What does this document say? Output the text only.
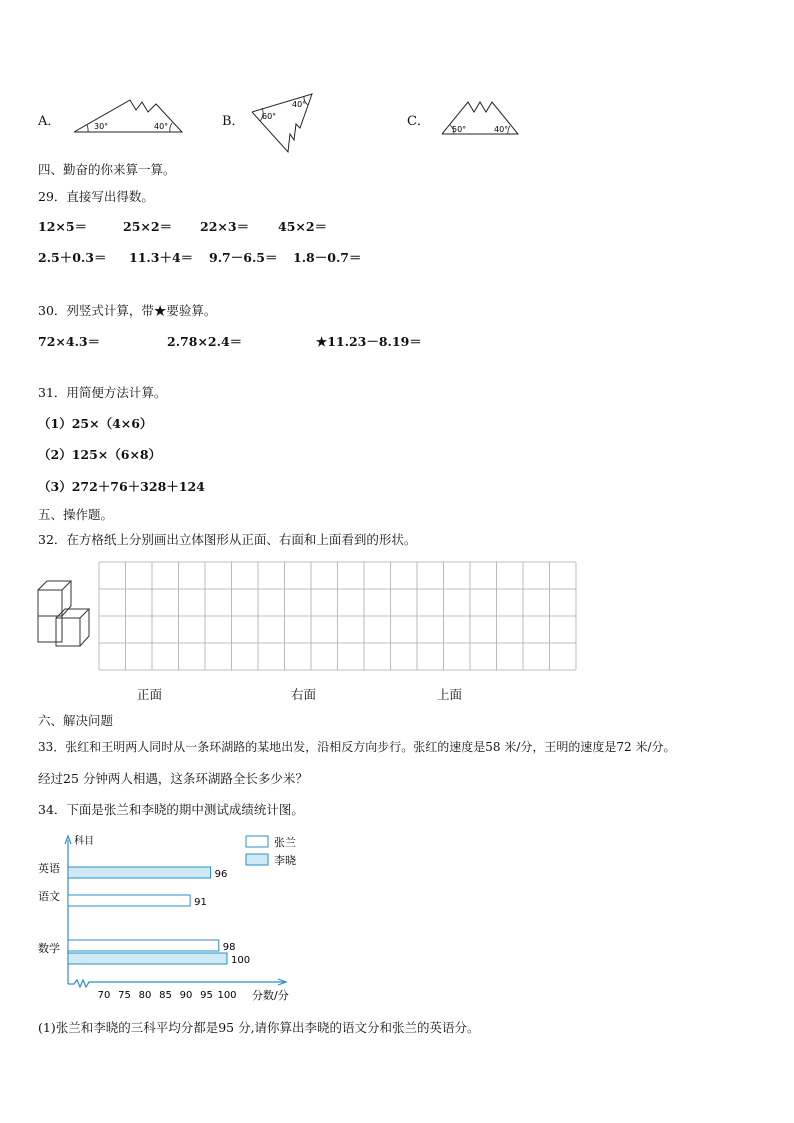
A．	30°	40°	B． 60°
40°
C．
50°	40°
四、勤奋的你来算一算。
29．直接写出得数。
12×5＝	25×2＝ 22×3＝ 45×2＝
2.5＋0.3＝ 11.3＋4＝ 9.7－6.5＝ 1.8－0.7＝
30．列竖式计算，带★要验算。
72×4.3＝	2.78×2.4＝	★11.23－8.19＝
31．用简便方法计算。
（1）25×（4×6）
（2）125×（6×8）
（3）272＋76＋328＋124
五、操作题。
32．在方格纸上分别画出立体图形从正面、右面和上面看到的形状。
正面	右面	上面
六、解决问题
33．张红和王明两人同时从一条环湖路的某地出发，沿相反方向步行。张红的速度是58 米/分，王明的速度是72 米/分。
经过25 分钟两人相遇，这条环湖路全长多少米？
34．下面是张兰和李晓的期中测试成绩统计图。
科目
分数/分
70 75 80 85 90 95 100
英语	96
语文	91
数学	98
100
张兰
李晓
(1)张兰和李晓的三科平均分都是95 分,请你算出李晓的语文分和张兰的英语分。
